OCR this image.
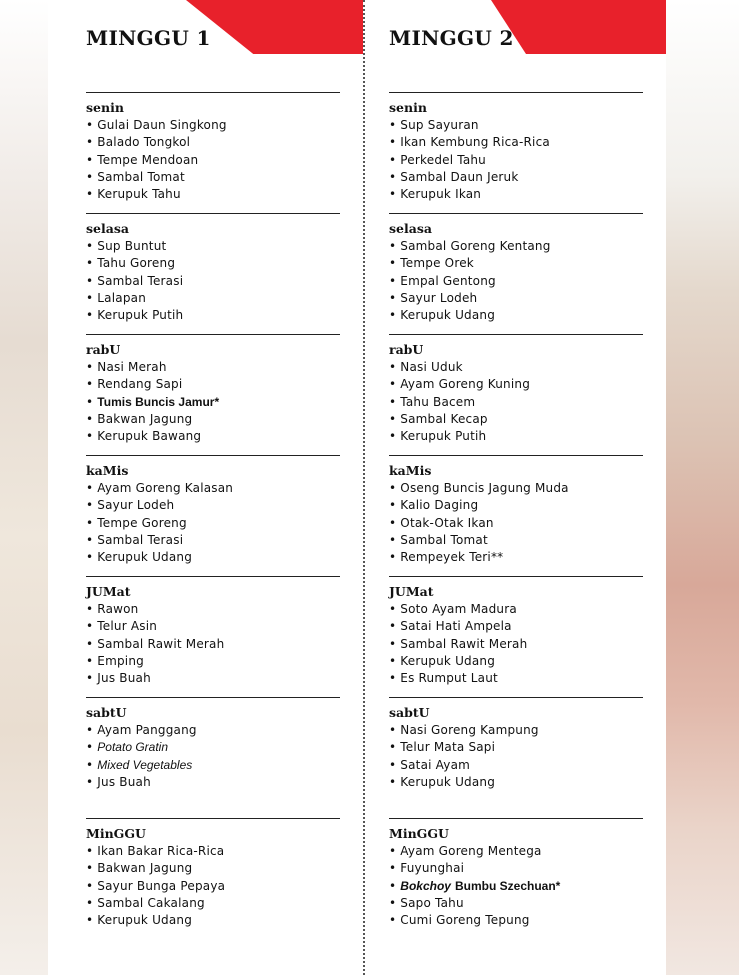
MINGGU 1	MINGGU 2
senin
• Gulai Daun Singkong
• Balado Tongkol
• Tempe Mendoan
• Sambal Tomat
• Kerupuk Tahu
selasa
• Sup Buntut
• Tahu Goreng
• Sambal Terasi
• Lalapan
• Kerupuk Putih
rabU
• Nasi Merah
• Rendang Sapi
• Tumis Buncis Jamur*
• Bakwan Jagung
• Kerupuk Bawang
kaMis
• Ayam Goreng Kalasan
• Sayur Lodeh
• Tempe Goreng
• Sambal Terasi
• Kerupuk Udang
JUMat
• Rawon
• Telur Asin
• Sambal Rawit Merah
• Emping
• Jus Buah
sabtU
• Ayam Panggang
• Potato Gratin
• Mixed Vegetables
• Jus Buah
MinGGU
• Ikan Bakar Rica-Rica
• Bakwan Jagung
• Sayur Bunga Pepaya
• Sambal Cakalang
• Kerupuk Udang
senin
• Sup Sayuran
• Ikan Kembung Rica-Rica
• Perkedel Tahu
• Sambal Daun Jeruk
• Kerupuk Ikan
selasa
• Sambal Goreng Kentang
• Tempe Orek
• Empal Gentong
• Sayur Lodeh
• Kerupuk Udang
rabU
• Nasi Uduk
• Ayam Goreng Kuning
• Tahu Bacem
• Sambal Kecap
• Kerupuk Putih
kaMis
• Oseng Buncis Jagung Muda
• Kalio Daging
• Otak-Otak Ikan
• Sambal Tomat
• Rempeyek Teri**
JUMat
• Soto Ayam Madura
• Satai Hati Ampela
• Sambal Rawit Merah
• Kerupuk Udang
• Es Rumput Laut
sabtU
• Nasi Goreng Kampung
• Telur Mata Sapi
• Satai Ayam
• Kerupuk Udang
MinGGU
• Ayam Goreng Mentega
• Fuyunghai
• Bokchoy Bumbu Szechuan*
• Sapo Tahu
• Cumi Goreng Tepung
